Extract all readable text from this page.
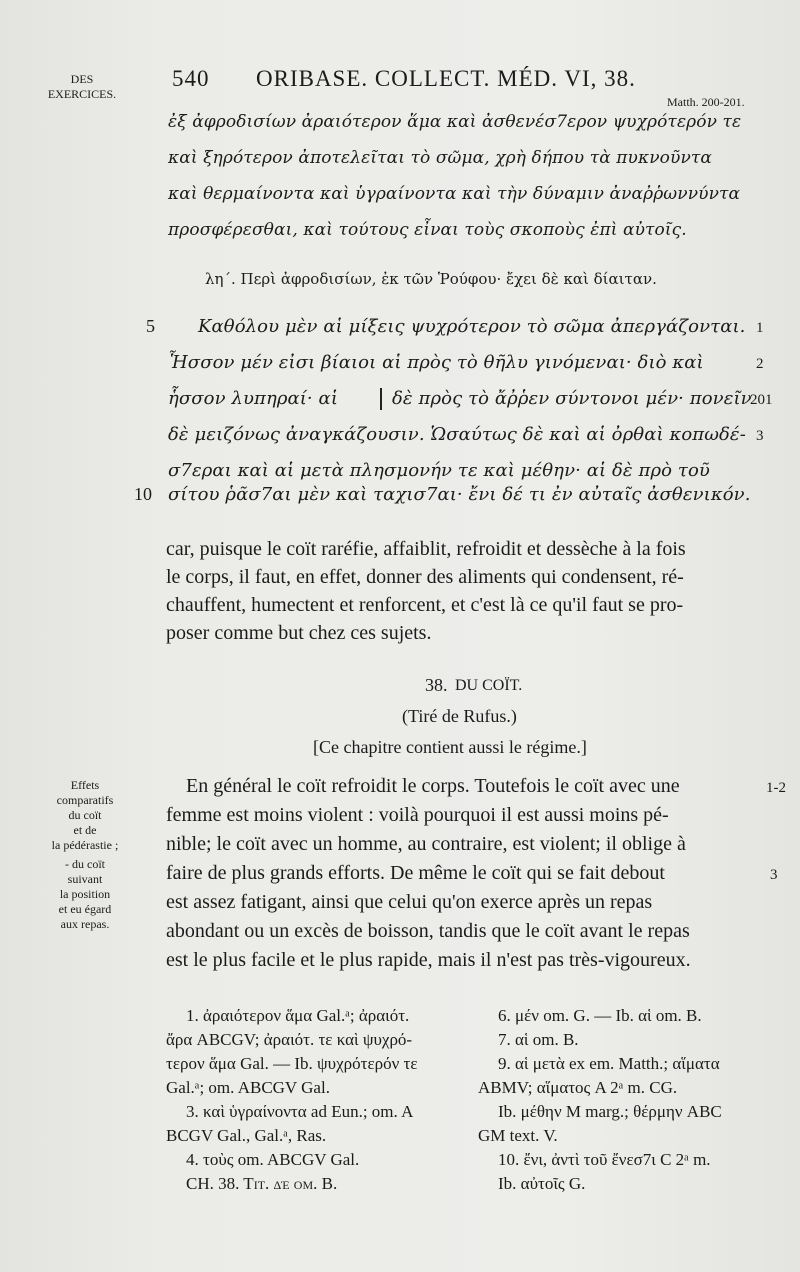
DES
EXERCICES.
540 ORIBASE. COLLECT. MÉD. VI, 38.
Matth. 200-201.
ἐξ ἀφροδισίων ἀραιότερον ἅμα καὶ ἀσθενέσ7ερον ψυχρότερόν τε
καὶ ξηρότερον ἀποτελεῖται τὸ σῶμα, χρὴ δήπου τὰ πυκνοῦντα
καὶ θερμαίνοντα καὶ ὑγραίνοντα καὶ τὴν δύναμιν ἀναῤῥωννύντα
προσφέρεσθαι, καὶ τούτους εἶναι τοὺς σκοποὺς ἐπὶ αὐτοῖς.
λη΄. Περὶ ἀφροδισίων, ἐκ τῶν Ῥούφου· ἔχει δὲ καὶ δίαιταν.
5 Καθόλου μὲν αἱ μίξεις ψυχρότερον τὸ σῶμα ἀπεργάζονται. 1
Ἧσσον μέν εἰσι βίαιοι αἱ πρὸς τὸ θῆλυ γινόμεναι· διὸ καὶ	2
ἧσσον λυπηραί· αἱ	δὲ πρὸς τὸ ἄῤῥεν σύντονοι μέν· πονεῖν
201
δὲ μειζόνως ἀναγκάζουσιν. Ὡσαύτως δὲ καὶ αἱ ὀρθαὶ κοπωδέ- 3
σ7εραι καὶ αἱ μετὰ πλησμονήν τε καὶ μέθην· αἱ δὲ πρὸ τοῦ
10 σίτου ῥᾶσ7αι μὲν καὶ ταχισ7αι· ἔνι δέ τι ἐν αὐταῖς ἀσθενικόν.
car, puisque le coït raréfie, affaiblit, refroidit et dessèche à la fois
le corps, il faut, en effet, donner des aliments qui condensent, ré-
chauffent, humectent et renforcent, et c'est là ce qu'il faut se pro-
poser comme but chez ces sujets.
38. DU COÏT.
(Tiré de Rufus.)
[Ce chapitre contient aussi le régime.]
Effets
comparatifs
du coït
et de
la pédérastie ;
- du coït
suivant
la position
et eu égard
aux repas.
En général le coït refroidit le corps. Toutefois le coït avec une	1-2
femme est moins violent : voilà pourquoi il est aussi moins pé-
nible; le coït avec un homme, au contraire, est violent; il oblige à
faire de plus grands efforts. De même le coït qui se fait debout	3
est assez fatigant, ainsi que celui qu'on exerce après un repas
abondant ou un excès de boisson, tandis que le coït avant le repas
est le plus facile et le plus rapide, mais il n'est pas très-vigoureux.
1. ἀραιότερον ἅμα Gal.ᵃ; ἀραιότ.
ἄρα ABCGV; ἀραιότ. τε καὶ ψυχρό-
τερον ἅμα Gal. — Ib. ψυχρότερόν τε
Gal.ᵃ; om. ABCGV Gal.
3. καὶ ὑγραίνοντα ad Eun.; om. A
BCGV Gal., Gal.ᵃ, Ras.
4. τοὺς om. ABCGV Gal.
CH. 38. Tit. δέ om. B.
6. μέν om. G. — Ib. αἱ om. B.
7. αἱ om. B.
9. αἱ μετὰ ex em. Matth.; αἵματα
ABMV; αἵματος A 2ᵃ m. CG.
Ib. μέθην M marg.; θέρμην ABC
GM text. V.
10. ἔνι, ἀντὶ τοῦ ἔνεσ7ι C 2ᵃ m.
Ib. αὐτοῖς G.
